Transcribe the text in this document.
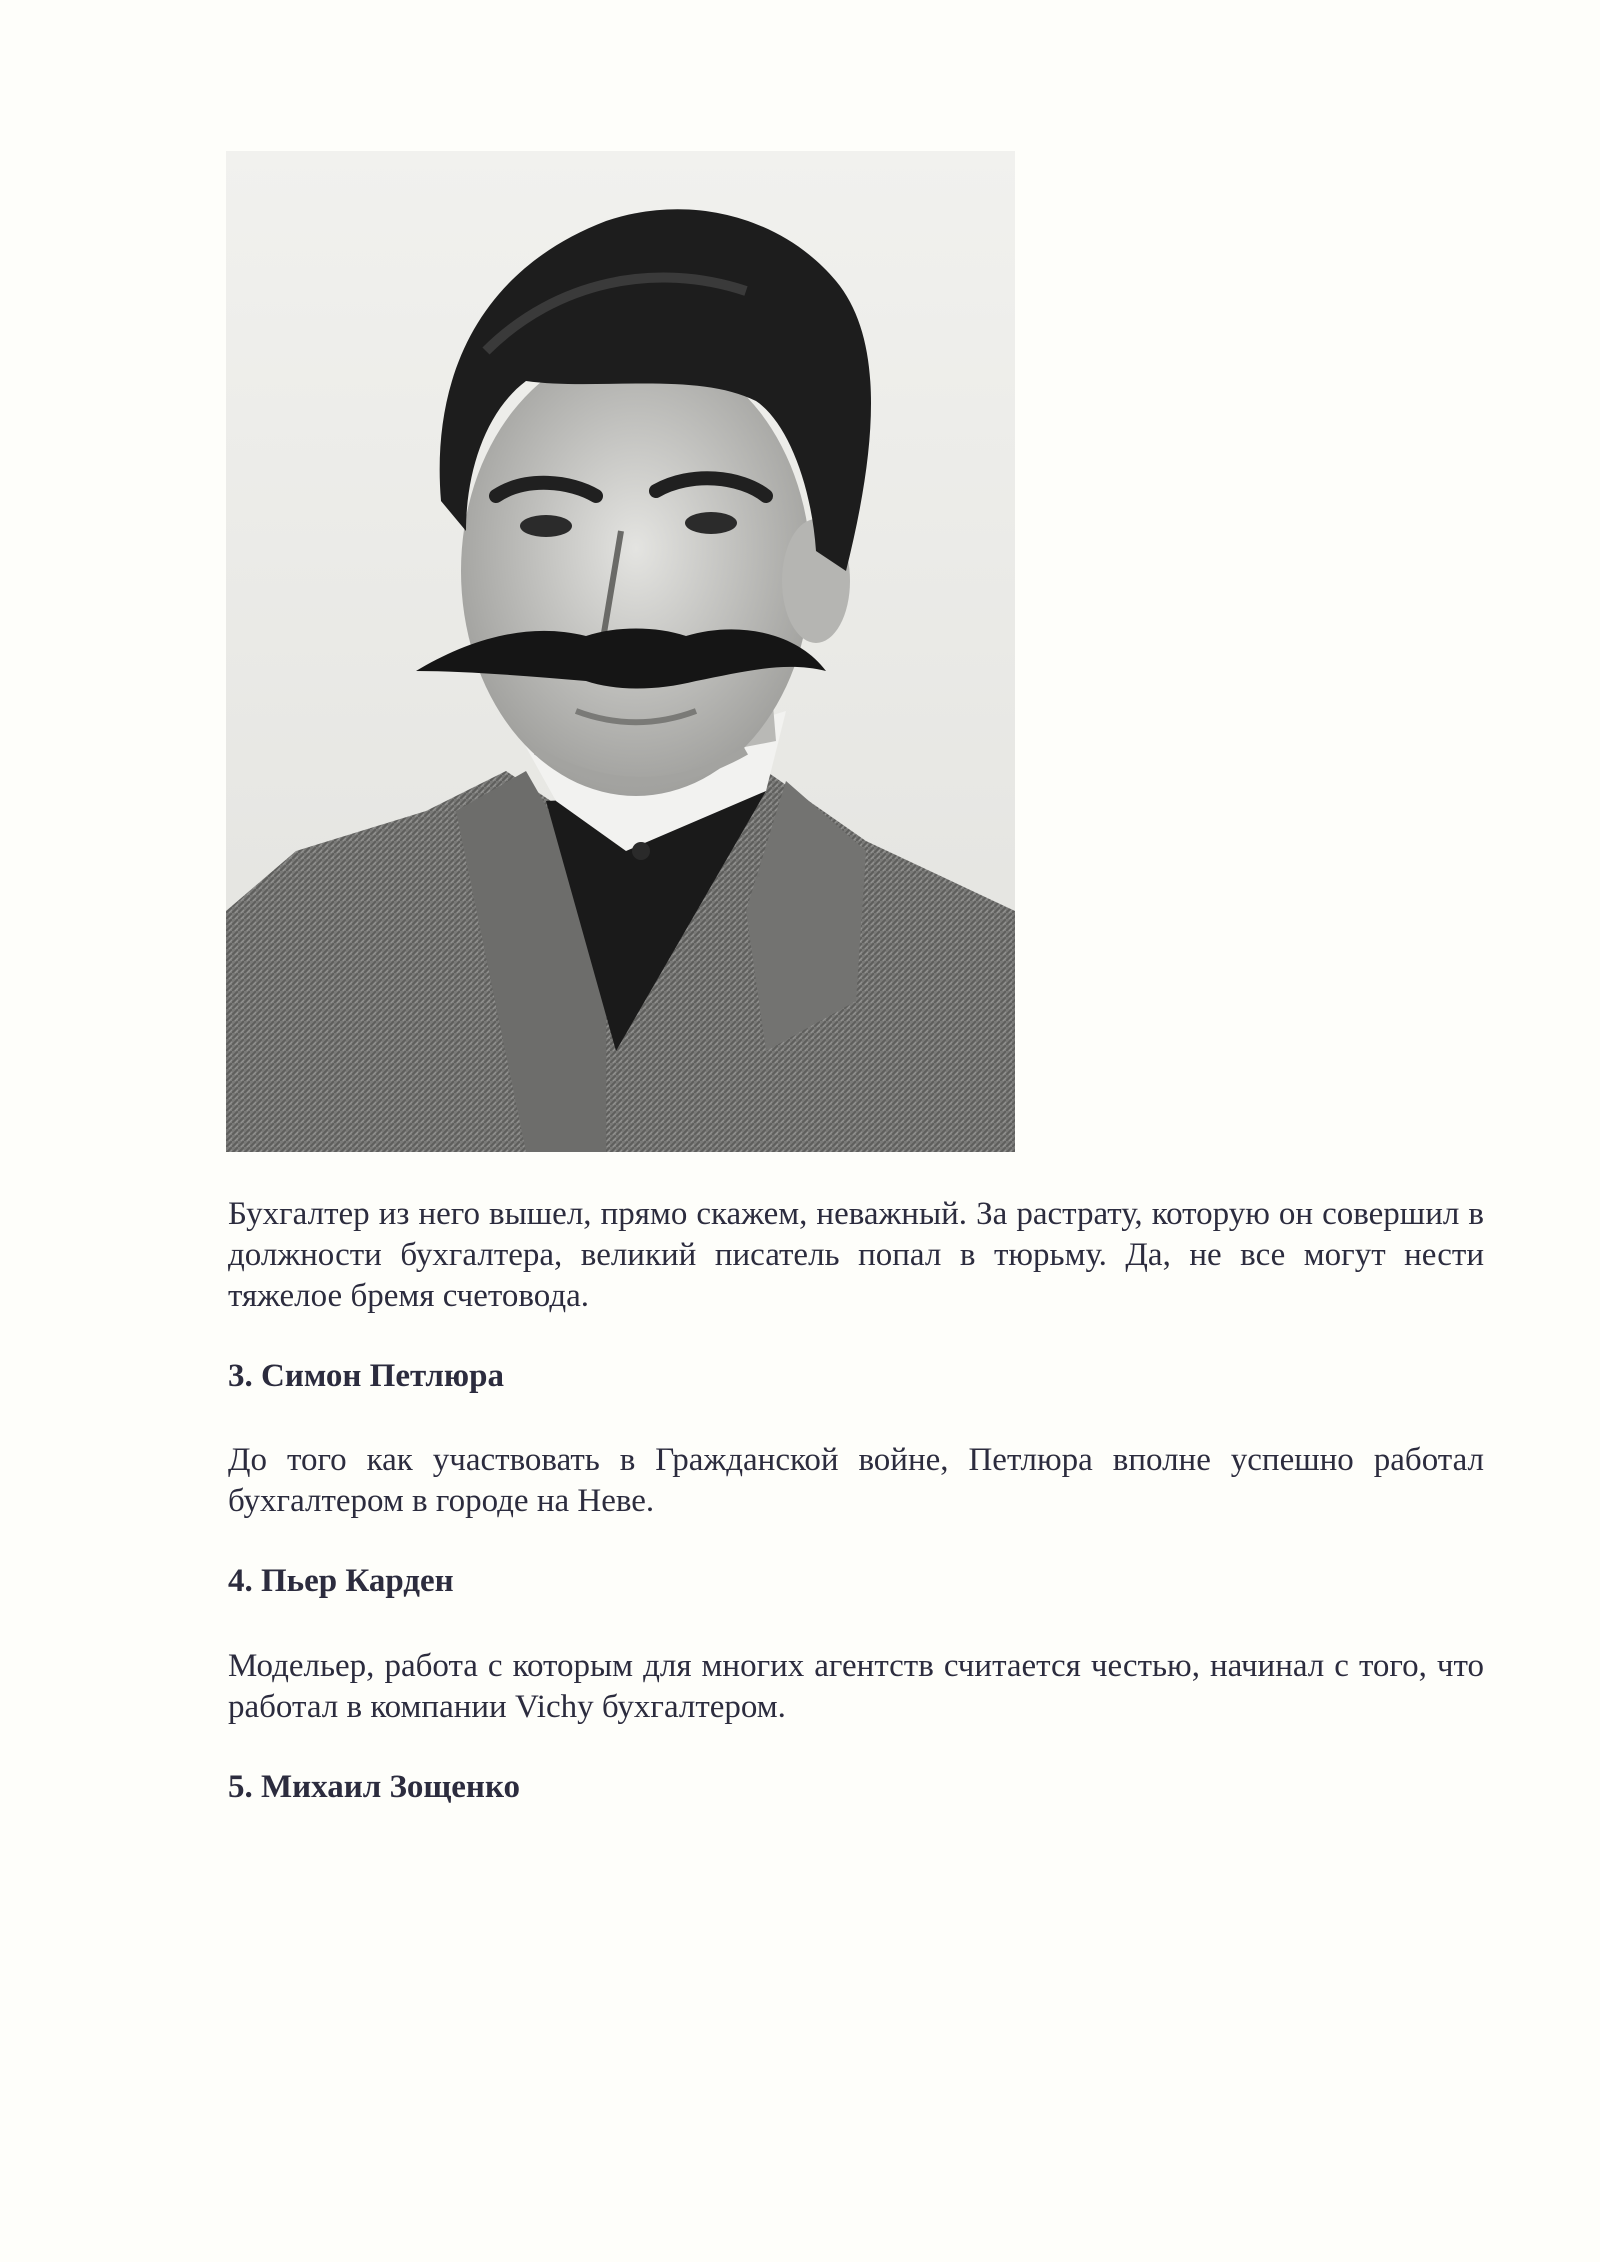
Бухгалтер из него вышел, прямо скажем, неважный. За растрату, которую он совершил в должности бухгалтера, великий писатель попал в тюрьму. Да, не все могут нести тяжелое бремя счетовода.

3. Симон Петлюра

До того как участвовать в Гражданской войне, Петлюра вполне успешно работал бухгалтером в городе на Неве.

4. Пьер Карден

Модельер, работа с которым для многих агентств считается честью, начинал с того, что работал в компании Vichy бухгалтером.

5. Михаил Зощенко
